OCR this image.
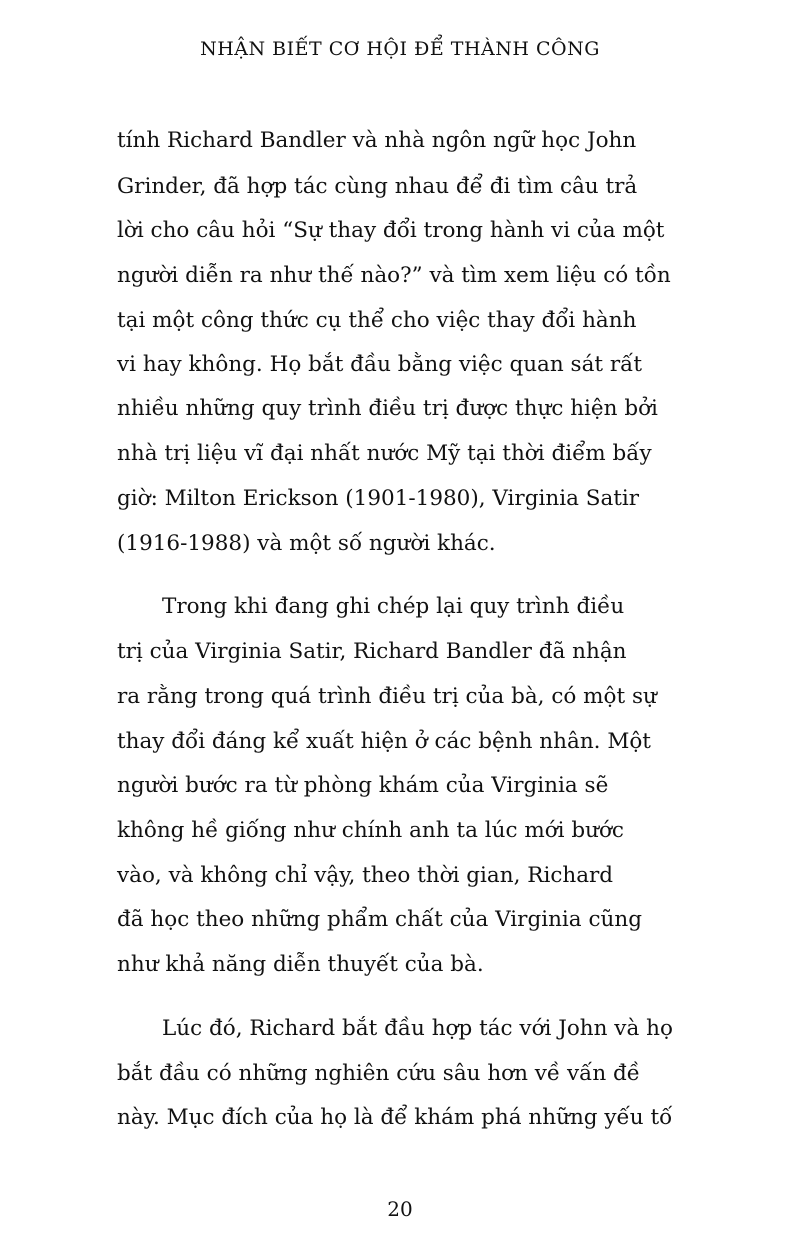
NHẬN BIẾT CƠ HỘI ĐỂ THÀNH CÔNG
tính Richard Bandler và nhà ngôn ngữ học John
Grinder, đã hợp tác cùng nhau để đi tìm câu trả
lời cho câu hỏi “Sự thay đổi trong hành vi của một
người diễn ra như thế nào?” và tìm xem liệu có tồn
tại một công thức cụ thể cho việc thay đổi hành
vi hay không. Họ bắt đầu bằng việc quan sát rất
nhiều những quy trình điều trị được thực hiện bởi
nhà trị liệu vĩ đại nhất nước Mỹ tại thời điểm bấy
giờ: Milton Erickson (1901-1980), Virginia Satir
(1916-1988) và một số người khác.
Trong khi đang ghi chép lại quy trình điều
trị của Virginia Satir, Richard Bandler đã nhận
ra rằng trong quá trình điều trị của bà, có một sự
thay đổi đáng kể xuất hiện ở các bệnh nhân. Một
người bước ra từ phòng khám của Virginia sẽ
không hề giống như chính anh ta lúc mới bước
vào, và không chỉ vậy, theo thời gian, Richard
đã học theo những phẩm chất của Virginia cũng
như khả năng diễn thuyết của bà.
Lúc đó, Richard bắt đầu hợp tác với John và họ
bắt đầu có những nghiên cứu sâu hơn về vấn đề
này. Mục đích của họ là để khám phá những yếu tố
20
